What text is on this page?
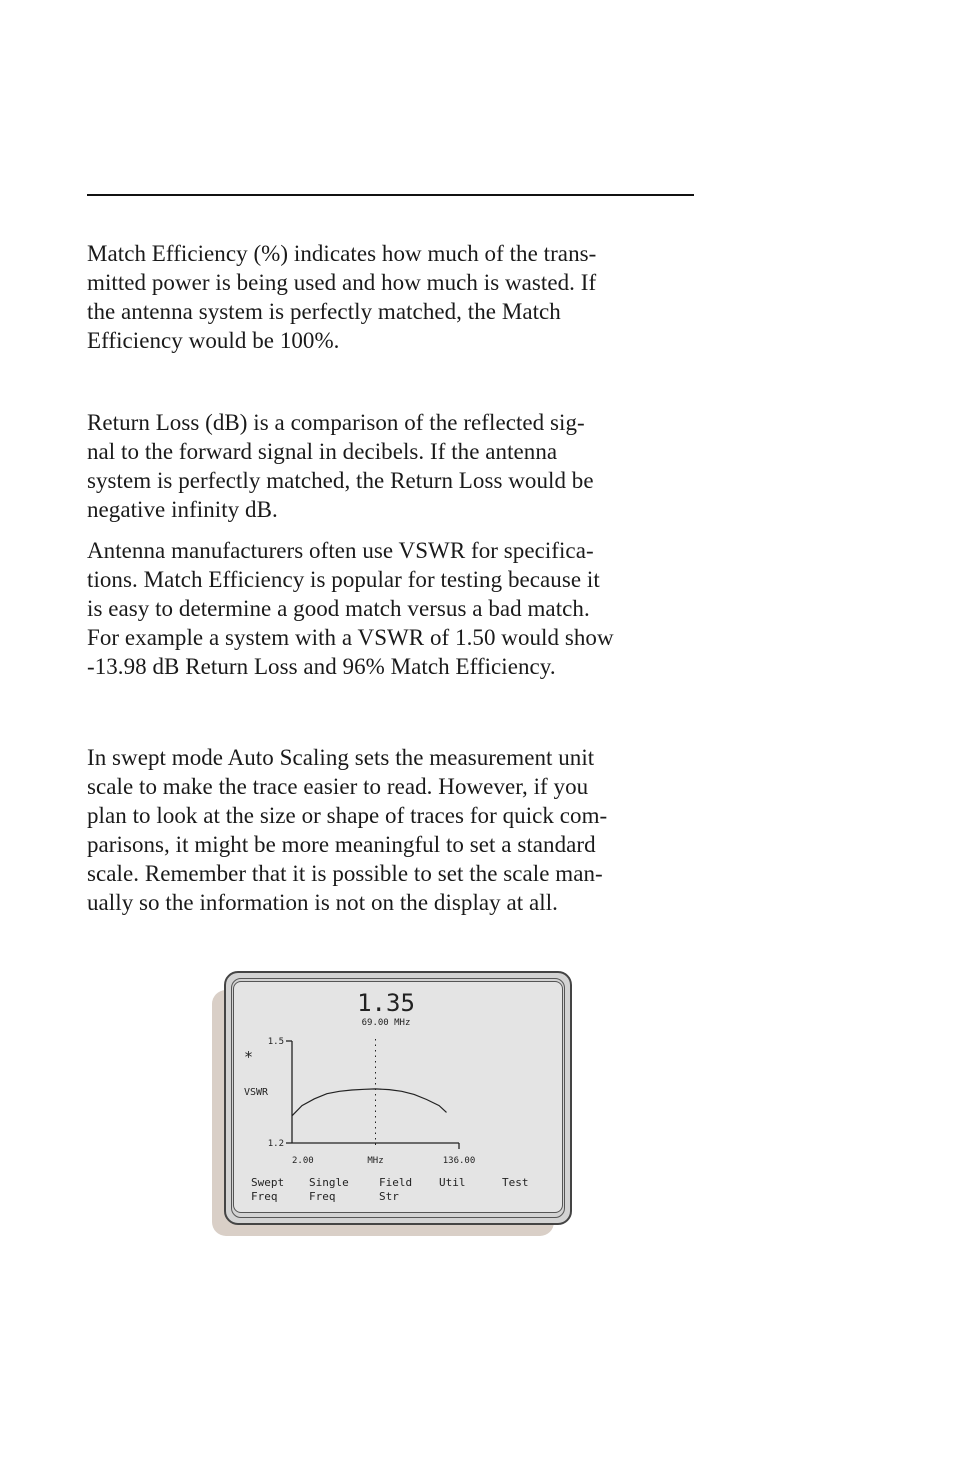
Match Efficiency (%) indicates how much of the trans-
mitted power is being used and how much is wasted. If
the antenna system is perfectly matched, the Match
Efficiency would be 100%.

Return Loss (dB) is a comparison of the reflected sig-
nal to the forward signal in decibels. If the antenna
system is perfectly matched, the Return Loss would be
negative infinity dB.

Antenna manufacturers often use VSWR for specifica-
tions. Match Efficiency is popular for testing because it
is easy to determine a good match versus a bad match.
For example a system with a VSWR of 1.50 would show
-13.98 dB Return Loss and 96% Match Efficiency.

In swept mode Auto Scaling sets the measurement unit
scale to make the trace easier to read. However, if you
plan to look at the size or shape of traces for quick com-
parisons, it might be more meaningful to set a standard
scale. Remember that it is possible to set the scale man-
ually so the information is not on the display at all.

1.35
69.00 MHz
*
VSWR
MHz
1.5
1.2
2.00	136.00
Swept
Freq
Single
Freq
Field
Str
Util	Test
